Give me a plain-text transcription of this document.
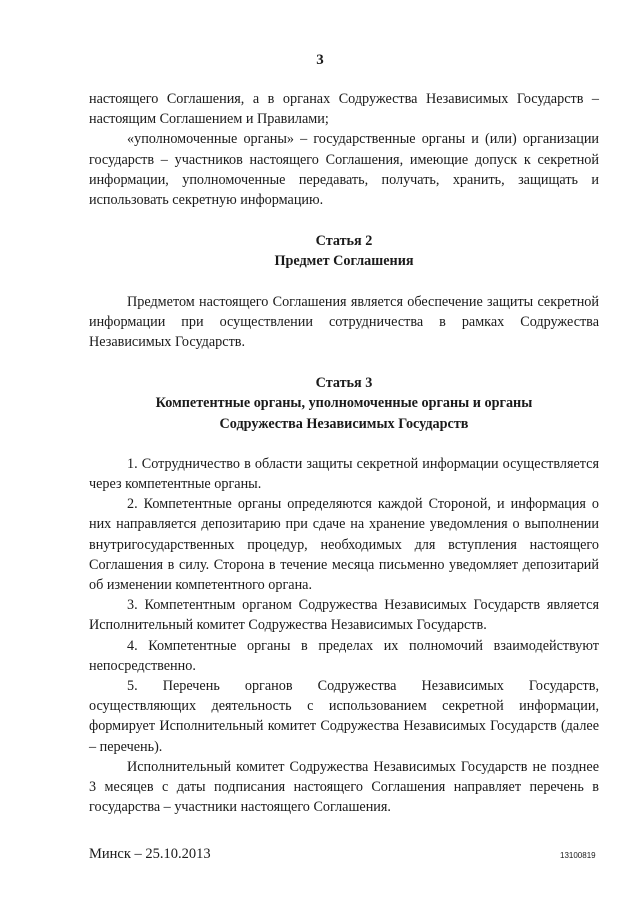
3

настоящего Соглашения, а в органах Содружества Независимых Государств – настоящим Соглашением и Правилами;

«уполномоченные органы» – государственные органы и (или) организации государств – участников настоящего Соглашения, имеющие допуск к секретной информации, уполномоченные передавать, получать, хранить, защищать и использовать секретную информацию.

Статья 2

Предмет Соглашения

Предметом настоящего Соглашения является обеспечение защиты секретной информации при осуществлении сотрудничества в рамках Содружества Независимых Государств.

Статья 3

Компетентные органы, уполномоченные органы и органы

Содружества Независимых Государств

1. Сотрудничество в области защиты секретной информации осуществляется через компетентные органы.

2. Компетентные органы определяются каждой Стороной, и информация о них направляется депозитарию при сдаче на хранение уведомления о выполнении внутригосударственных процедур, необходимых для вступления настоящего Соглашения в силу. Сторона в течение месяца письменно уведомляет депозитарий об изменении компетентного органа.

3. Компетентным органом Содружества Независимых Государств является Исполнительный комитет Содружества Независимых Государств.

4. Компетентные органы в пределах их полномочий взаимодействуют непосредственно.

5. Перечень органов Содружества Независимых Государств, осуществляющих деятельность с использованием секретной информации, формирует Исполнительный комитет Содружества Независимых Государств (далее – перечень).

Исполнительный комитет Содружества Независимых Государств не позднее 3 месяцев с даты подписания настоящего Соглашения направляет перечень в государства – участники настоящего Соглашения.

Минск – 25.10.2013	13100819
